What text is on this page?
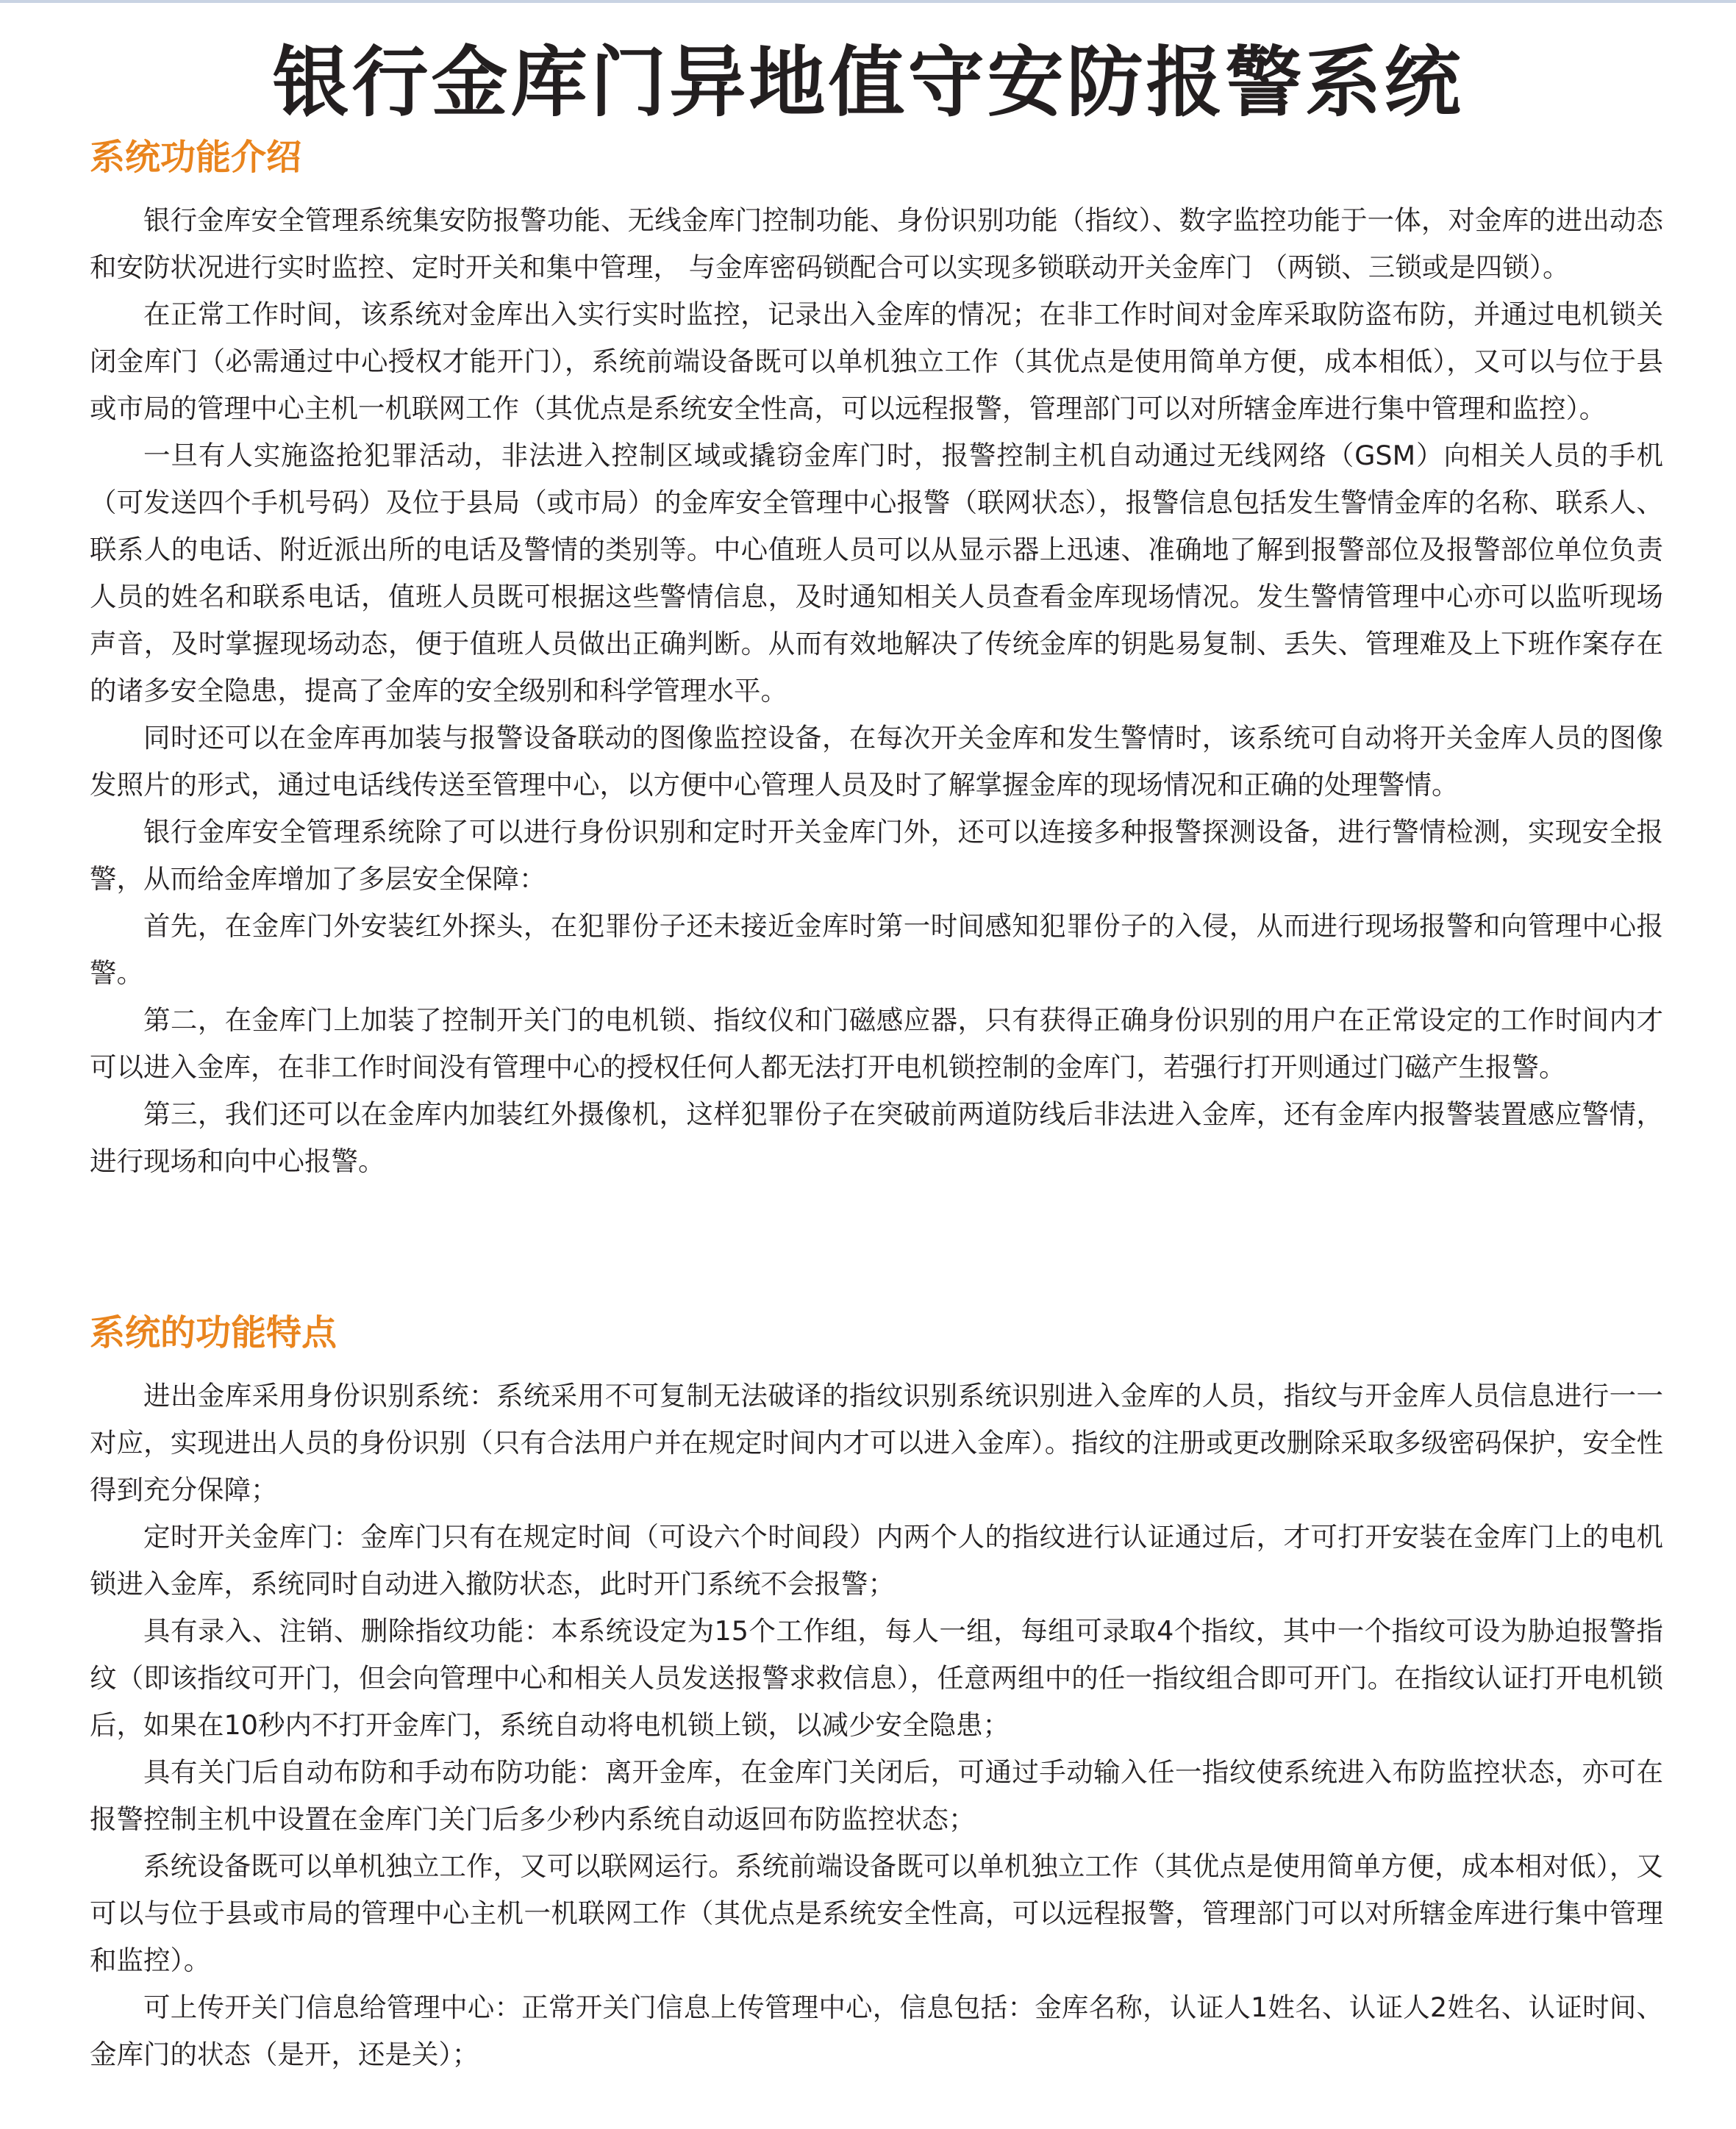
银行金库门异地值守安防报警系统
系统功能介绍

银行金库安全管理系统集安防报警功能、无线金库门控制功能、身份识别功能（指纹）、数字监控功能于一体，对金库的进出动态和安防状况进行实时监控、定时开关和集中管理， 与金库密码锁配合可以实现多锁联动开关金库门 （两锁、三锁或是四锁）。

在正常工作时间，该系统对金库出入实行实时监控，记录出入金库的情况；在非工作时间对金库采取防盗布防，并通过电机锁关闭金库门（必需通过中心授权才能开门），系统前端设备既可以单机独立工作（其优点是使用简单方便，成本相低），又可以与位于县或市局的管理中心主机一机联网工作（其优点是系统安全性高，可以远程报警，管理部门可以对所辖金库进行集中管理和监控）。

一旦有人实施盗抢犯罪活动，非法进入控制区域或撬窃金库门时，报警控制主机自动通过无线网络（GSM）向相关人员的手机（可发送四个手机号码）及位于县局（或市局）的金库安全管理中心报警（联网状态），报警信息包括发生警情金库的名称、联系人、联系人的电话、附近派出所的电话及警情的类别等。中心值班人员可以从显示器上迅速、准确地了解到报警部位及报警部位单位负责人员的姓名和联系电话，值班人员既可根据这些警情信息，及时通知相关人员查看金库现场情况。发生警情管理中心亦可以监听现场声音，及时掌握现场动态，便于值班人员做出正确判断。从而有效地解决了传统金库的钥匙易复制、丢失、管理难及上下班作案存在的诸多安全隐患，提高了金库的安全级别和科学管理水平。

同时还可以在金库再加装与报警设备联动的图像监控设备，在每次开关金库和发生警情时，该系统可自动将开关金库人员的图像发照片的形式，通过电话线传送至管理中心，以方便中心管理人员及时了解掌握金库的现场情况和正确的处理警情。

银行金库安全管理系统除了可以进行身份识别和定时开关金库门外，还可以连接多种报警探测设备，进行警情检测，实现安全报警，从而给金库增加了多层安全保障：

首先，在金库门外安装红外探头，在犯罪份子还未接近金库时第一时间感知犯罪份子的入侵，从而进行现场报警和向管理中心报警。

第二，在金库门上加装了控制开关门的电机锁、指纹仪和门磁感应器，只有获得正确身份识别的用户在正常设定的工作时间内才可以进入金库，在非工作时间没有管理中心的授权任何人都无法打开电机锁控制的金库门，若强行打开则通过门磁产生报警。

第三，我们还可以在金库内加装红外摄像机，这样犯罪份子在突破前两道防线后非法进入金库，还有金库内报警装置感应警情，进行现场和向中心报警。

系统的功能特点

进出金库采用身份识别系统：系统采用不可复制无法破译的指纹识别系统识别进入金库的人员，指纹与开金库人员信息进行一一对应，实现进出人员的身份识别（只有合法用户并在规定时间内才可以进入金库）。指纹的注册或更改删除采取多级密码保护，安全性得到充分保障；

定时开关金库门：金库门只有在规定时间（可设六个时间段）内两个人的指纹进行认证通过后，才可打开安装在金库门上的电机锁进入金库，系统同时自动进入撤防状态，此时开门系统不会报警；

具有录入、注销、删除指纹功能：本系统设定为15个工作组，每人一组，每组可录取4个指纹，其中一个指纹可设为胁迫报警指纹（即该指纹可开门，但会向管理中心和相关人员发送报警求救信息），任意两组中的任一指纹组合即可开门。在指纹认证打开电机锁后，如果在10秒内不打开金库门，系统自动将电机锁上锁，以减少安全隐患；

具有关门后自动布防和手动布防功能：离开金库，在金库门关闭后，可通过手动输入任一指纹使系统进入布防监控状态，亦可在报警控制主机中设置在金库门关门后多少秒内系统自动返回布防监控状态；

系统设备既可以单机独立工作，又可以联网运行。系统前端设备既可以单机独立工作（其优点是使用简单方便，成本相对低），又可以与位于县或市局的管理中心主机一机联网工作（其优点是系统安全性高，可以远程报警，管理部门可以对所辖金库进行集中管理和监控）。

可上传开关门信息给管理中心：正常开关门信息上传管理中心，信息包括：金库名称，认证人1姓名、认证人2姓名、认证时间、金库门的状态（是开，还是关）；
